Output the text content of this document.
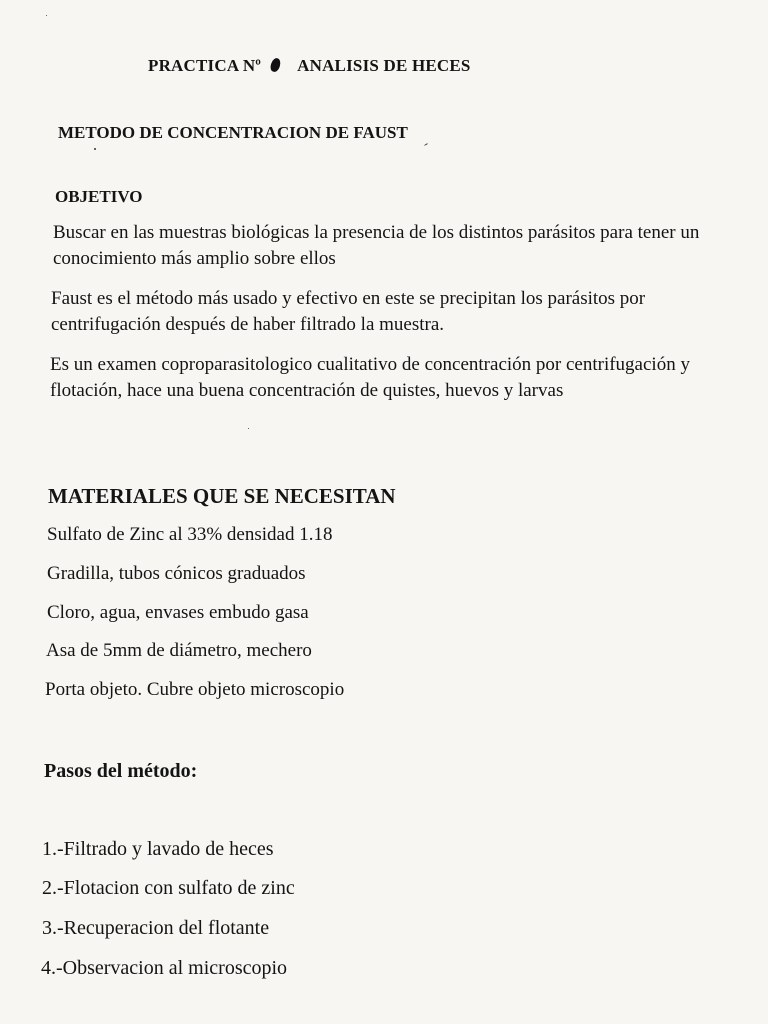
PRACTICA Nº ANALISIS DE HECES
METODO DE CONCENTRACION DE FAUST
OBJETIVO
Buscar en las muestras biológicas la presencia de los distintos parásitos para tener un conocimiento más amplio sobre ellos
Faust es el método más usado y efectivo en este se precipitan los parásitos por centrifugación después de haber filtrado la muestra.
Es un examen coproparasitologico cualitativo de concentración por centrifugación y flotación, hace una buena concentración de quistes, huevos y larvas
MATERIALES QUE SE NECESITAN
Sulfato de Zinc al 33% densidad 1.18
Gradilla, tubos cónicos graduados
Cloro, agua, envases embudo gasa
Asa de 5mm de diámetro, mechero
Porta objeto. Cubre objeto microscopio
Pasos del método:
1.-Filtrado y lavado de heces
2.-Flotacion con sulfato de zinc
3.-Recuperacion del flotante
4.-Observacion al microscopio
